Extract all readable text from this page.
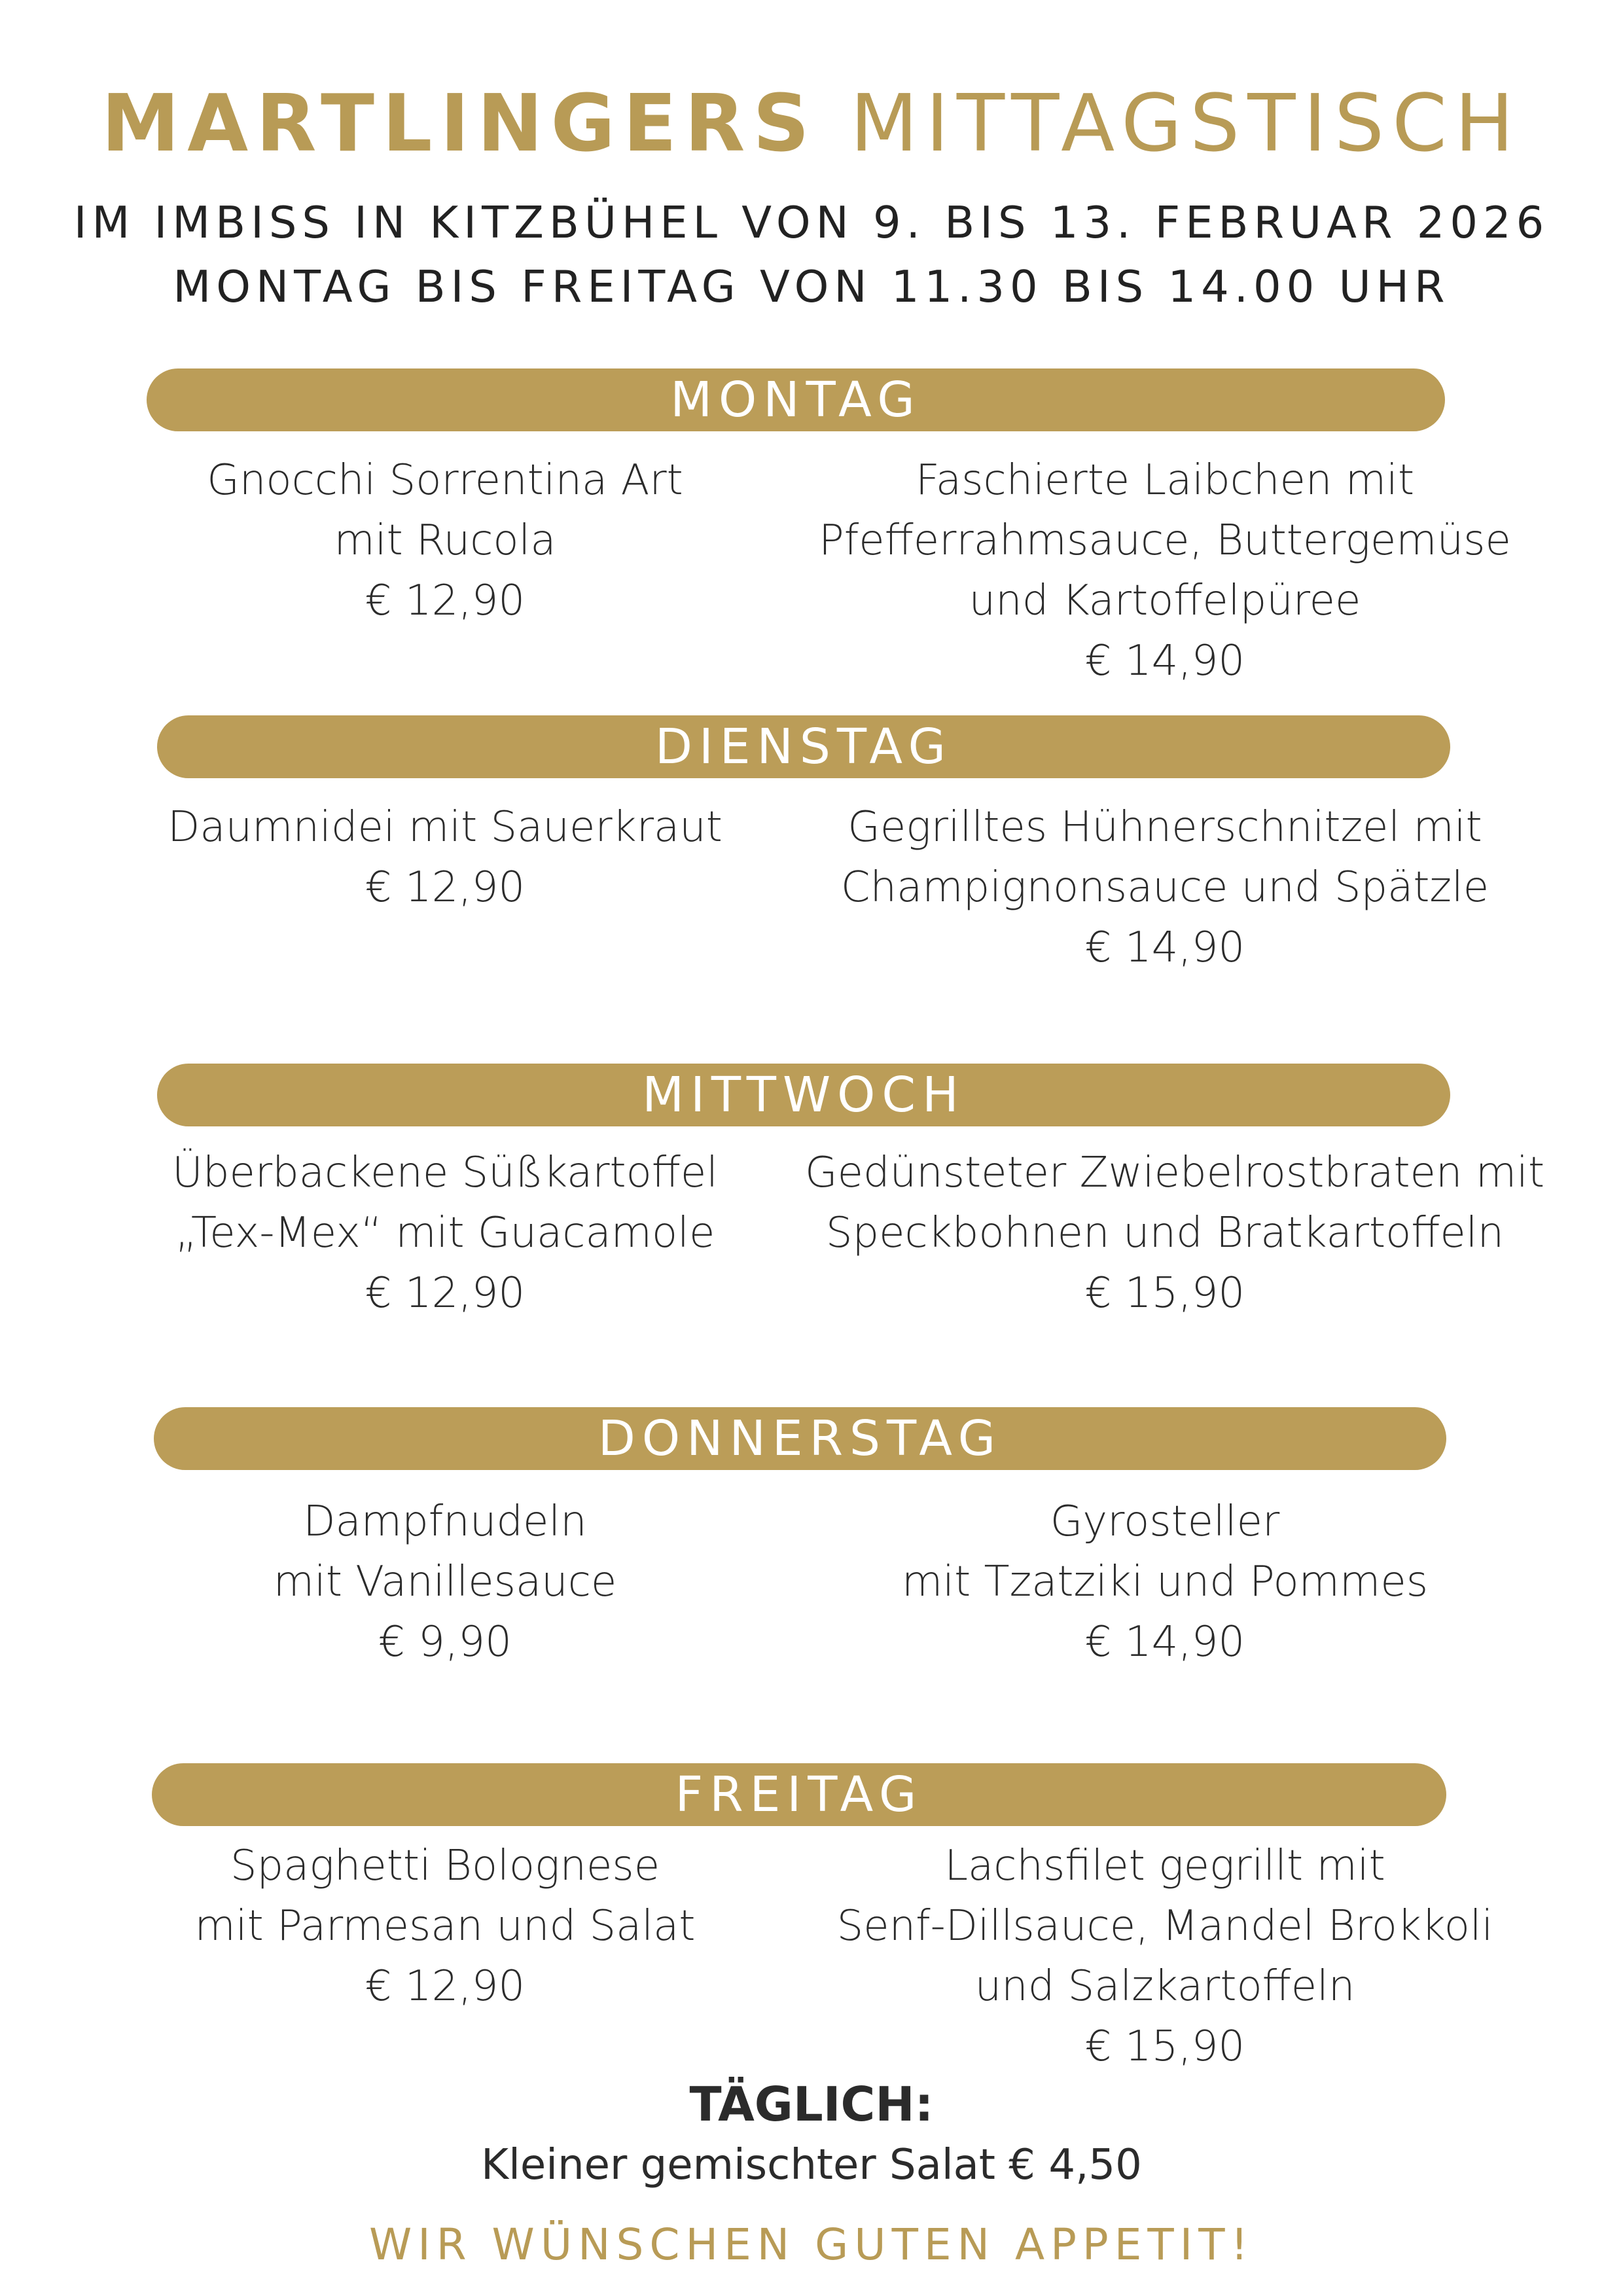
MARTLINGERS MITTAGSTISCH
IM IMBISS IN KITZBÜHEL VON 9. BIS 13. FEBRUAR 2026
MONTAG BIS FREITAG VON 11.30 BIS 14.00 UHR
MONTAG
Gnocchi Sorrentina Art
mit Rucola
€ 12,90
Faschierte Laibchen mit
Pfefferrahmsauce, Buttergemüse
und Kartoffelpüree
€ 14,90
DIENSTAG
Daumnidei mit Sauerkraut
€ 12,90
Gegrilltes Hühnerschnitzel mit
Champignonsauce und Spätzle
€ 14,90
MITTWOCH
Überbackene Süßkartoffel
„Tex-Mex“ mit Guacamole
€ 12,90
Gedünsteter Zwiebelrostbraten mit
Speckbohnen und Bratkartoffeln
€ 15,90
DONNERSTAG
Dampfnudeln
mit Vanillesauce
€ 9,90
Gyrosteller
mit Tzatziki und Pommes
€ 14,90
FREITAG
Spaghetti Bolognese
mit Parmesan und Salat
€ 12,90
Lachsfilet gegrillt mit
Senf-Dillsauce, Mandel Brokkoli
und Salzkartoffeln
€ 15,90
TÄGLICH:
Kleiner gemischter Salat € 4,50
WIR WÜNSCHEN GUTEN APPETIT!
